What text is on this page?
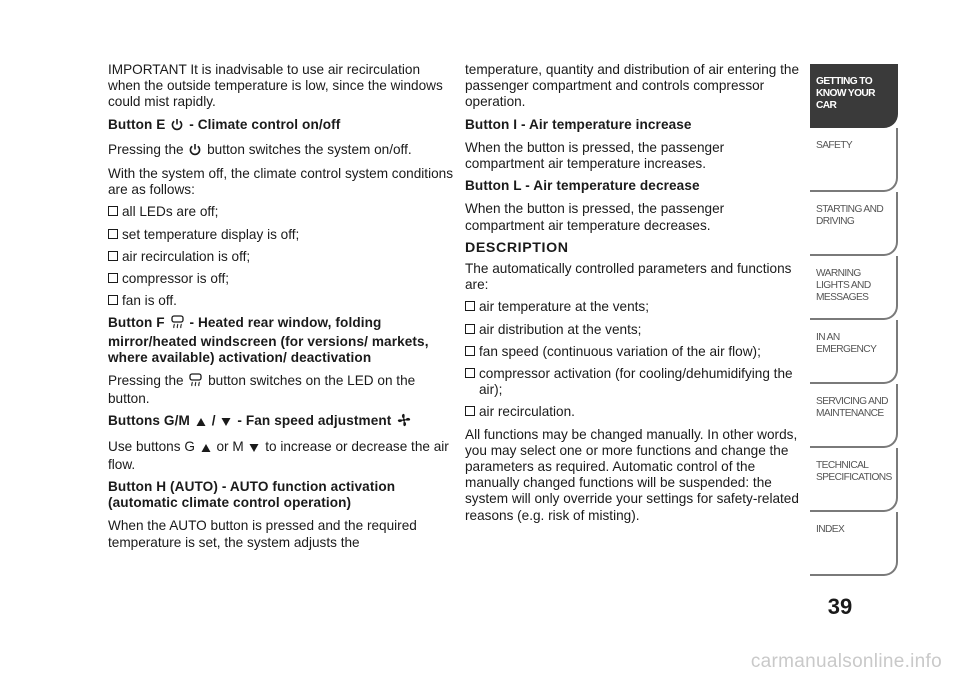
IMPORTANT It is inadvisable to use air recirculation when the outside temperature is low, since the windows could mist rapidly.

Button E - Climate control on/off

Pressing the button switches the system on/off.

With the system off, the climate control system conditions are as follows:

all LEDs are off;
set temperature display is off;
air recirculation is off;
compressor is off;
fan is off.

Button F - Heated rear window, folding mirror/heated windscreen (for versions/ markets, where available) activation/ deactivation

Pressing the button switches on the LED on the button.

Buttons G/M / - Fan speed adjustment

Use buttons G or M to increase or decrease the air flow.

Button H (AUTO) - AUTO function activation (automatic climate control operation)

When the AUTO button is pressed and the required temperature is set, the system adjusts the

temperature, quantity and distribution of air entering the passenger compartment and controls compressor operation.

Button I - Air temperature increase

When the button is pressed, the passenger compartment air temperature increases.

Button L - Air temperature decrease

When the button is pressed, the passenger compartment air temperature decreases.

DESCRIPTION

The automatically controlled parameters and functions are:

air temperature at the vents;
air distribution at the vents;
fan speed (continuous variation of the air flow);
compressor activation (for cooling/dehumidifying the air);
air recirculation.

All functions may be changed manually. In other words, you may select one or more functions and change the parameters as required. Automatic control of the manually changed functions will be suspended: the system will only override your settings for safety-related reasons (e.g. risk of misting).

GETTING TO KNOW YOUR CAR
SAFETY
STARTING AND DRIVING
WARNING LIGHTS AND MESSAGES
IN AN EMERGENCY
SERVICING AND MAINTENANCE
TECHNICAL SPECIFICATIONS
INDEX
39
carmanualsonline.info
